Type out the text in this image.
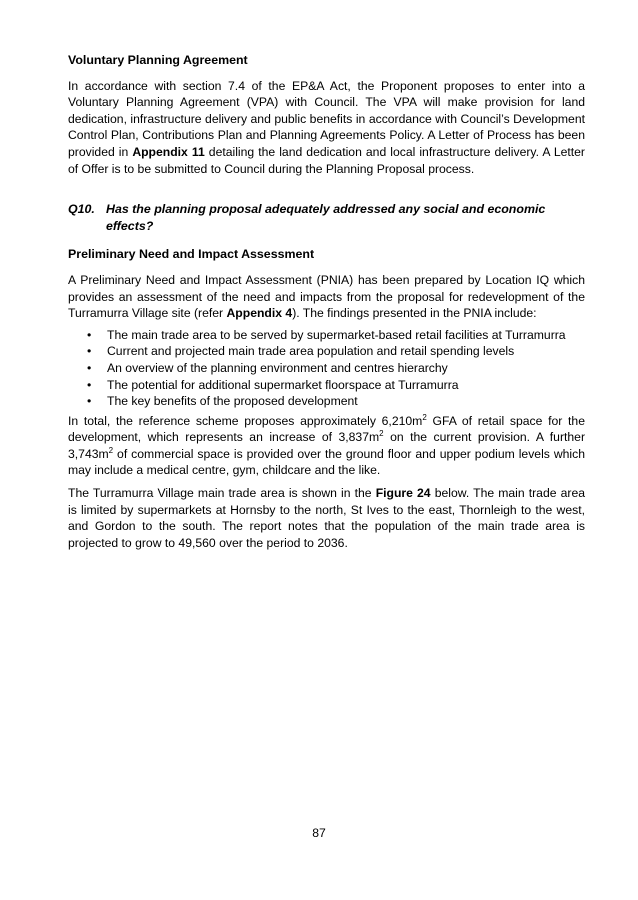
Voluntary Planning Agreement

In accordance with section 7.4 of the EP&A Act, the Proponent proposes to enter into a Voluntary Planning Agreement (VPA) with Council. The VPA will make provision for land dedication, infrastructure delivery and public benefits in accordance with Council’s Development Control Plan, Contributions Plan and Planning Agreements Policy. A Letter of Process has been provided in Appendix 11 detailing the land dedication and local infrastructure delivery. A Letter of Offer is to be submitted to Council during the Planning Proposal process.

Q10. Has the planning proposal adequately addressed any social and economic effects?
Preliminary Need and Impact Assessment

A Preliminary Need and Impact Assessment (PNIA) has been prepared by Location IQ which provides an assessment of the need and impacts from the proposal for redevelopment of the Turramurra Village site (refer Appendix 4). The findings presented in the PNIA include:

•	The main trade area to be served by supermarket-based retail facilities at Turramurra
•	Current and projected main trade area population and retail spending levels
•	An overview of the planning environment and centres hierarchy
•	The potential for additional supermarket floorspace at Turramurra
•	The key benefits of the proposed development

In total, the reference scheme proposes approximately $6,210m^2$ GFA of retail space for the development, which represents an increase of $3,837m^2$ on the current provision. A further $3,743m^2$ of commercial space is provided over the ground floor and upper podium levels which may include a medical centre, gym, childcare and the like.

The Turramurra Village main trade area is shown in the Figure 24 below. The main trade area is limited by supermarkets at Hornsby to the north, St Ives to the east, Thornleigh to the west, and Gordon to the south. The report notes that the population of the main trade area is projected to grow to 49,560 over the period to 2036.

87
